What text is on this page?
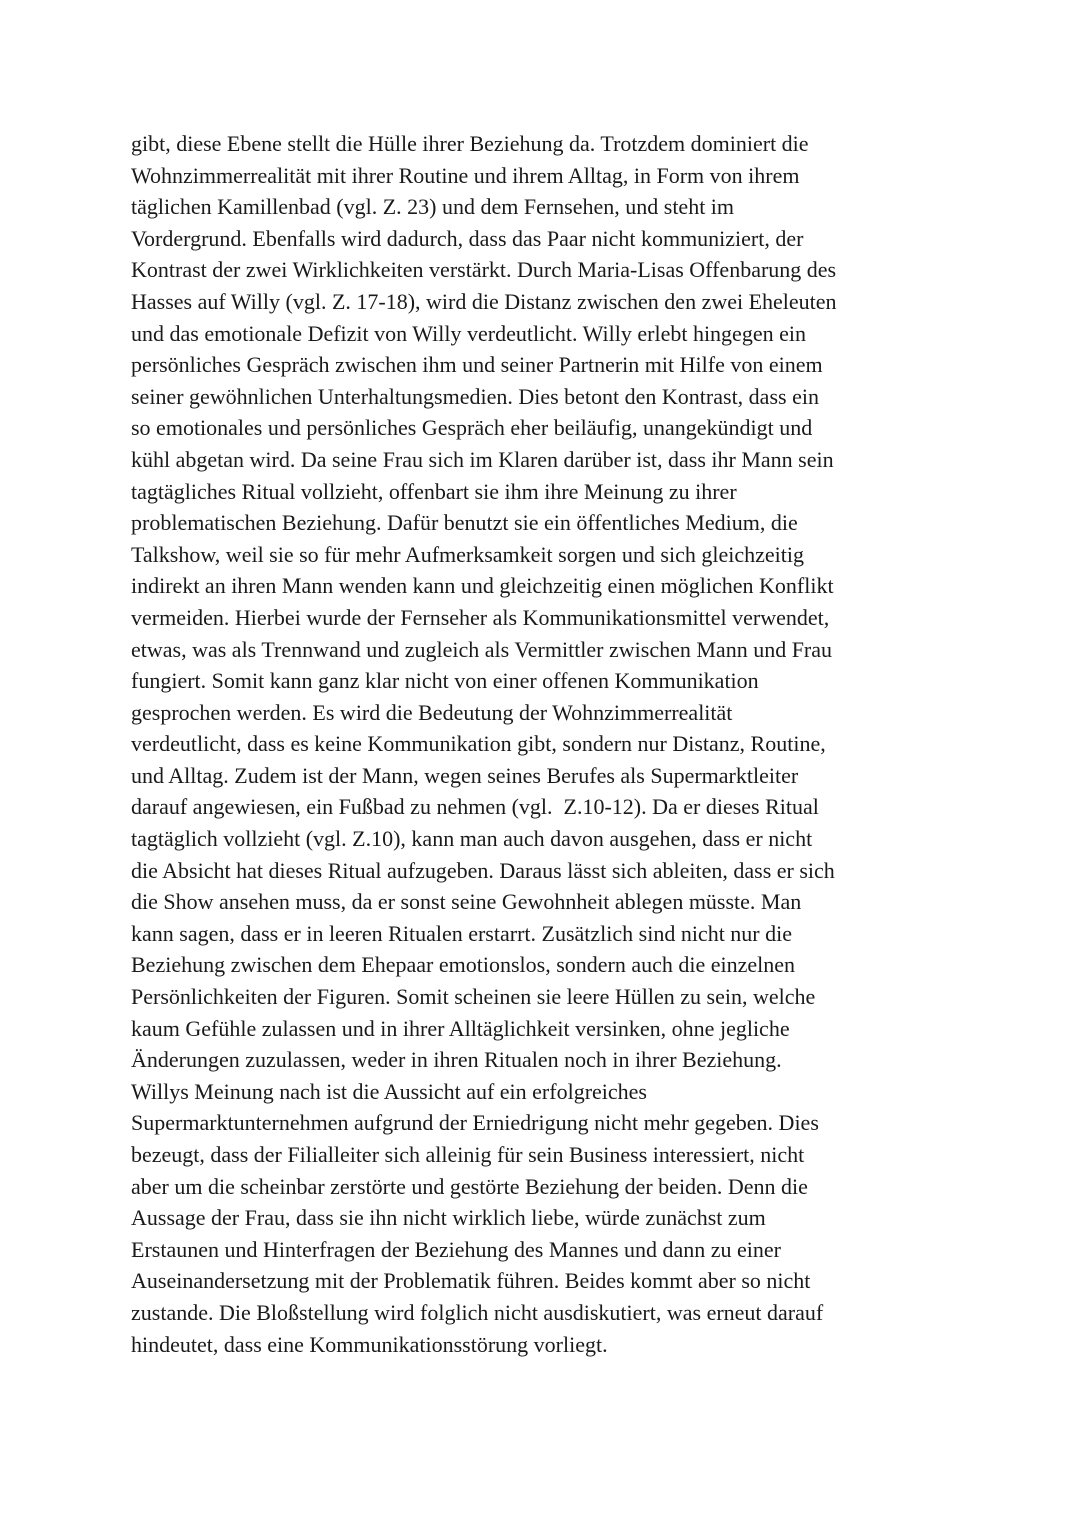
gibt, diese Ebene stellt die Hülle ihrer Beziehung da. Trotzdem dominiert die
Wohnzimmerrealität mit ihrer Routine und ihrem Alltag, in Form von ihrem
täglichen Kamillenbad (vgl. Z. 23) und dem Fernsehen, und steht im
Vordergrund. Ebenfalls wird dadurch, dass das Paar nicht kommuniziert, der
Kontrast der zwei Wirklichkeiten verstärkt. Durch Maria-Lisas Offenbarung des
Hasses auf Willy (vgl. Z. 17-18), wird die Distanz zwischen den zwei Eheleuten
und das emotionale Defizit von Willy verdeutlicht. Willy erlebt hingegen ein
persönliches Gespräch zwischen ihm und seiner Partnerin mit Hilfe von einem
seiner gewöhnlichen Unterhaltungsmedien. Dies betont den Kontrast, dass ein
so emotionales und persönliches Gespräch eher beiläufig, unangekündigt und
kühl abgetan wird. Da seine Frau sich im Klaren darüber ist, dass ihr Mann sein
tagtägliches Ritual vollzieht, offenbart sie ihm ihre Meinung zu ihrer
problematischen Beziehung. Dafür benutzt sie ein öffentliches Medium, die
Talkshow, weil sie so für mehr Aufmerksamkeit sorgen und sich gleichzeitig
indirekt an ihren Mann wenden kann und gleichzeitig einen möglichen Konflikt
vermeiden. Hierbei wurde der Fernseher als Kommunikationsmittel verwendet,
etwas, was als Trennwand und zugleich als Vermittler zwischen Mann und Frau
fungiert. Somit kann ganz klar nicht von einer offenen Kommunikation
gesprochen werden. Es wird die Bedeutung der Wohnzimmerrealität
verdeutlicht, dass es keine Kommunikation gibt, sondern nur Distanz, Routine,
und Alltag. Zudem ist der Mann, wegen seines Berufes als Supermarktleiter
darauf angewiesen, ein Fußbad zu nehmen (vgl.  Z.10-12). Da er dieses Ritual
tagtäglich vollzieht (vgl. Z.10), kann man auch davon ausgehen, dass er nicht
die Absicht hat dieses Ritual aufzugeben. Daraus lässt sich ableiten, dass er sich
die Show ansehen muss, da er sonst seine Gewohnheit ablegen müsste. Man
kann sagen, dass er in leeren Ritualen erstarrt. Zusätzlich sind nicht nur die
Beziehung zwischen dem Ehepaar emotionslos, sondern auch die einzelnen
Persönlichkeiten der Figuren. Somit scheinen sie leere Hüllen zu sein, welche
kaum Gefühle zulassen und in ihrer Alltäglichkeit versinken, ohne jegliche
Änderungen zuzulassen, weder in ihren Ritualen noch in ihrer Beziehung.
Willys Meinung nach ist die Aussicht auf ein erfolgreiches
Supermarktunternehmen aufgrund der Erniedrigung nicht mehr gegeben. Dies
bezeugt, dass der Filialleiter sich alleinig für sein Business interessiert, nicht
aber um die scheinbar zerstörte und gestörte Beziehung der beiden. Denn die
Aussage der Frau, dass sie ihn nicht wirklich liebe, würde zunächst zum
Erstaunen und Hinterfragen der Beziehung des Mannes und dann zu einer
Auseinandersetzung mit der Problematik führen. Beides kommt aber so nicht
zustande. Die Bloßstellung wird folglich nicht ausdiskutiert, was erneut darauf
hindeutet, dass eine Kommunikationsstörung vorliegt.
